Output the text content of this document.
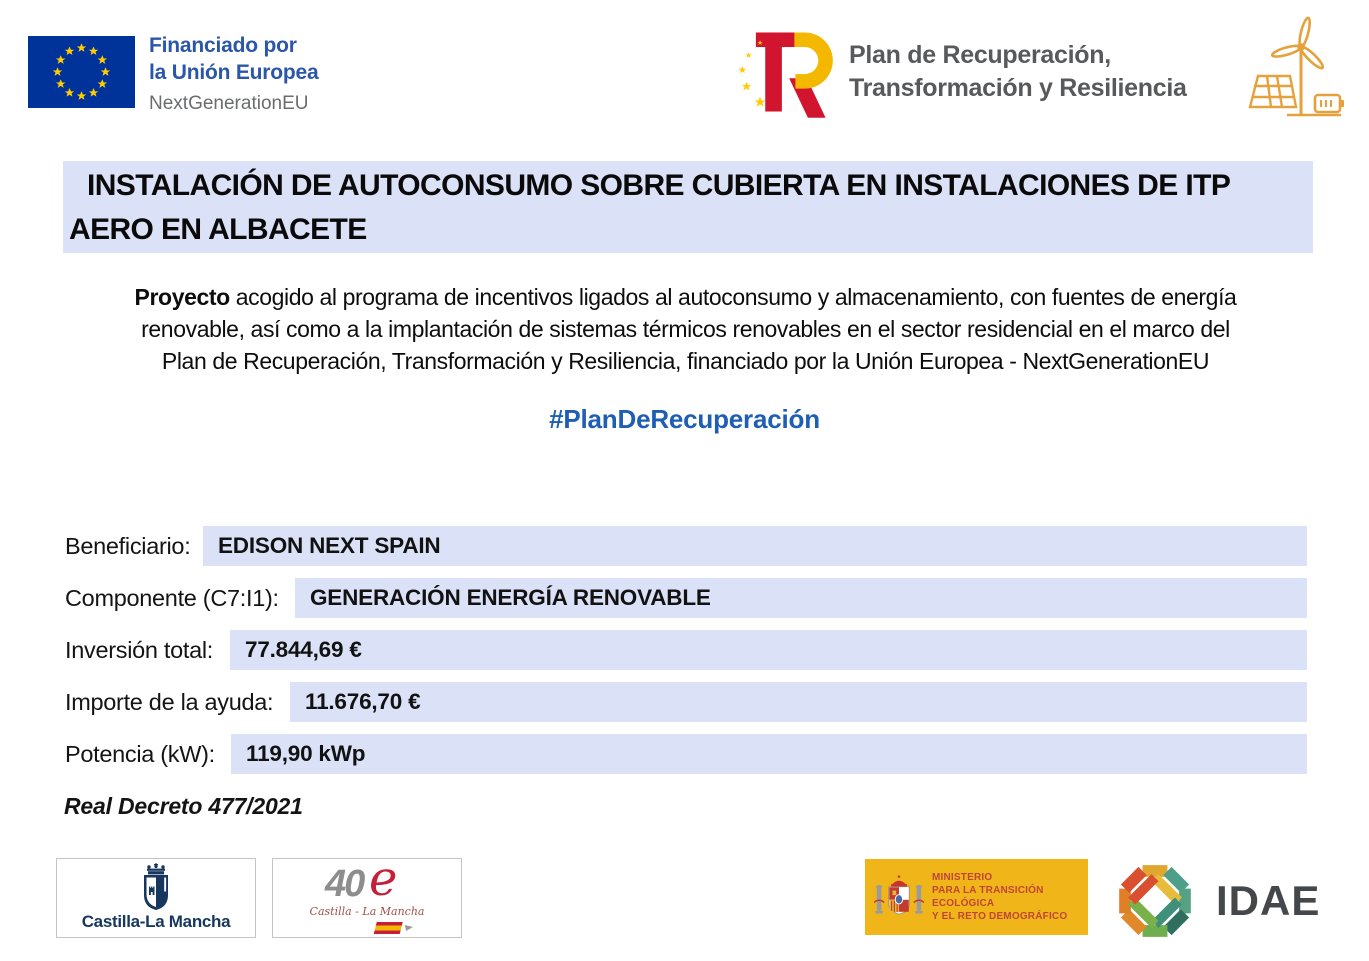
Financiado por
la Unión Europea
NextGenerationEU
Plan de Recuperación,
Transformación y Resiliencia
INSTALACIÓN DE AUTOCONSUMO SOBRE CUBIERTA EN INSTALACIONES DE ITP
AERO EN ALBACETE
Proyecto acogido al programa de incentivos ligados al autoconsumo y almacenamiento, con fuentes de energía
renovable, así como a la implantación de sistemas térmicos renovables en el sector residencial en el marco del
Plan de Recuperación, Transformación y Resiliencia, financiado por la Unión Europea - NextGenerationEU
#PlanDeRecuperación
Beneficiario:	EDISON NEXT SPAIN
Componente (C7:I1):	GENERACIÓN ENERGÍA RENOVABLE
Inversión total:	77.844,69 €
Importe de la ayuda:	11.676,70 €
Potencia (kW):	119,90 kWp
Real Decreto 477/2021
Castilla-La Mancha
40 e
Castilla - La Mancha
MINISTERIO
PARA LA TRANSICIÓN ECOLÓGICA
Y EL RETO DEMOGRÁFICO	IDAE
